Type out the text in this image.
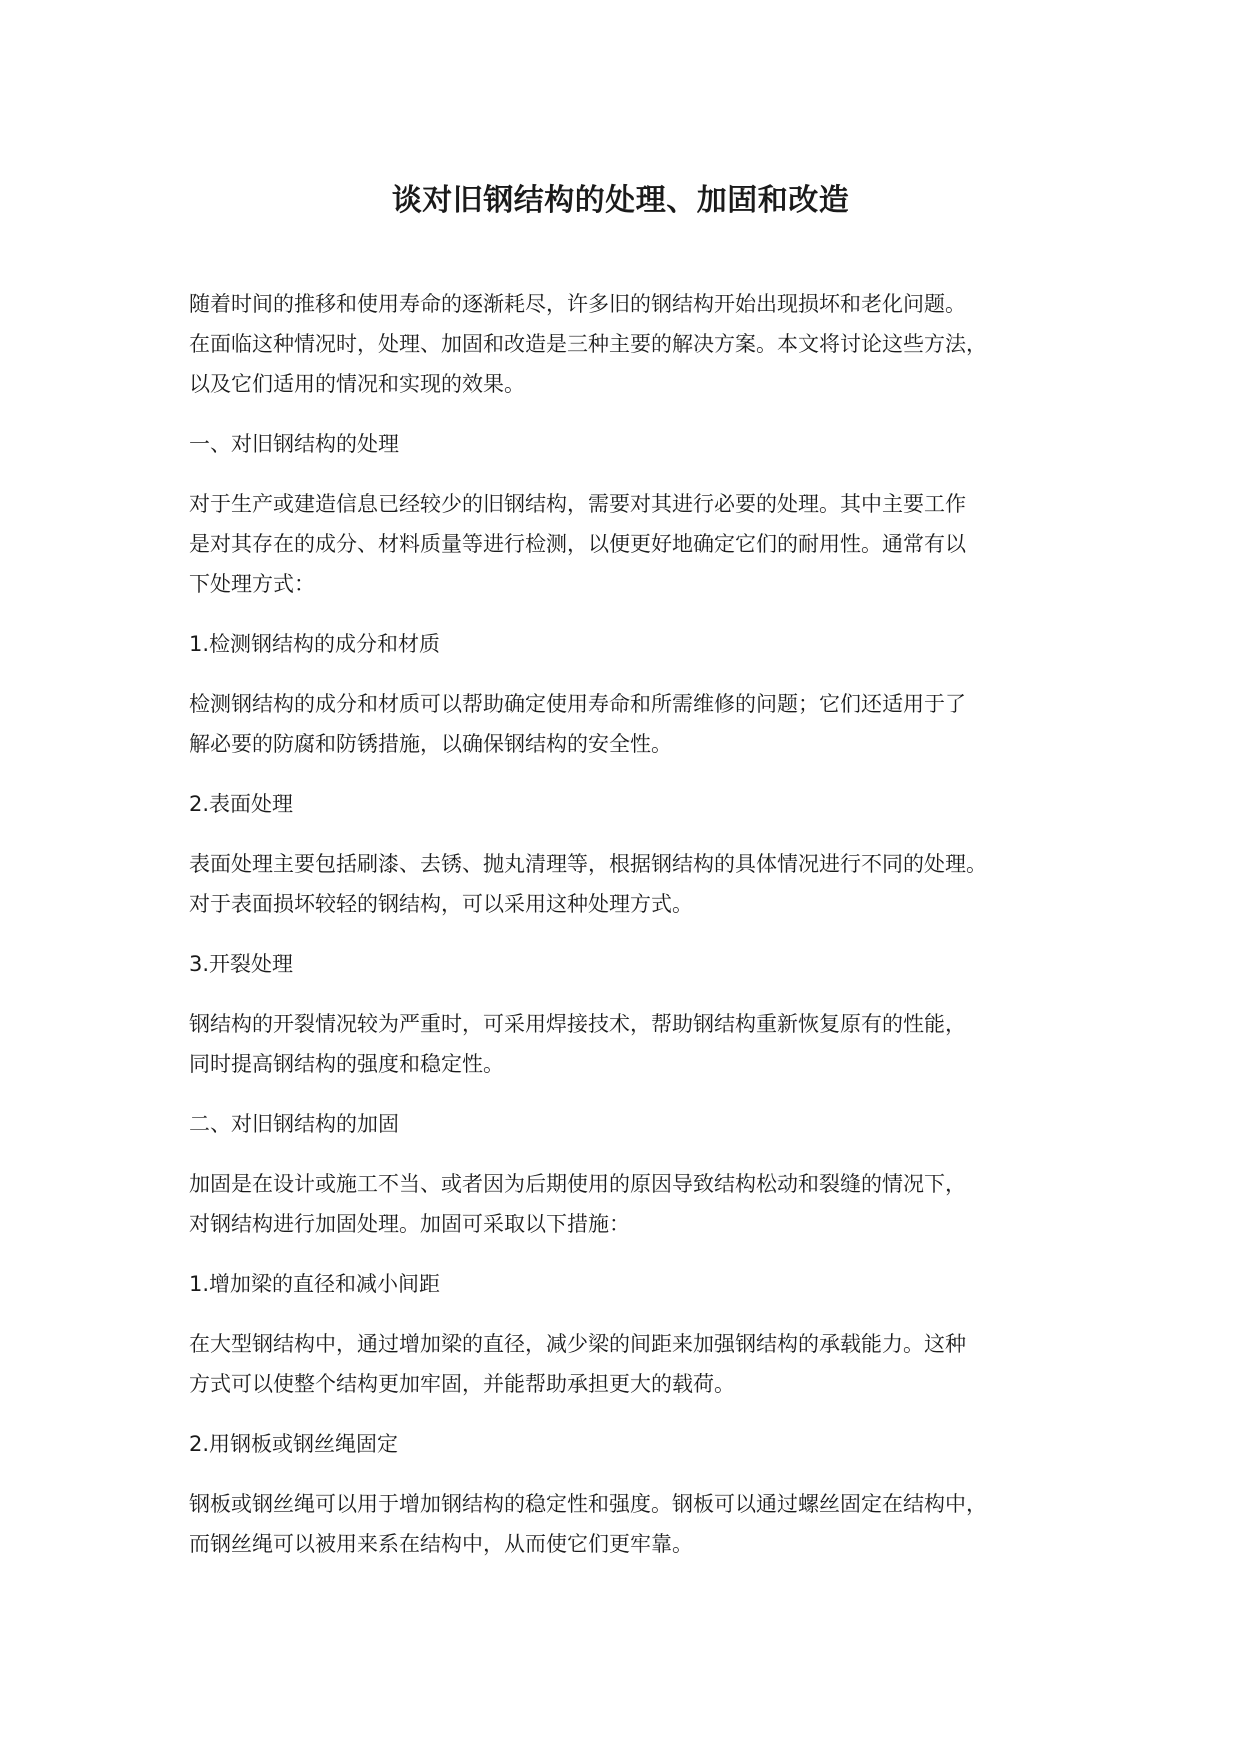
谈对旧钢结构的处理、加固和改造
随着时间的推移和使用寿命的逐渐耗尽，许多旧的钢结构开始出现损坏和老化问题。
在面临这种情况时，处理、加固和改造是三种主要的解决方案。本文将讨论这些方法，
以及它们适用的情况和实现的效果。
一、对旧钢结构的处理
对于生产或建造信息已经较少的旧钢结构，需要对其进行必要的处理。其中主要工作
是对其存在的成分、材料质量等进行检测，以便更好地确定它们的耐用性。通常有以
下处理方式：
1.检测钢结构的成分和材质
检测钢结构的成分和材质可以帮助确定使用寿命和所需维修的问题；它们还适用于了
解必要的防腐和防锈措施，以确保钢结构的安全性。
2.表面处理
表面处理主要包括刷漆、去锈、抛丸清理等，根据钢结构的具体情况进行不同的处理。
对于表面损坏较轻的钢结构，可以采用这种处理方式。
3.开裂处理
钢结构的开裂情况较为严重时，可采用焊接技术，帮助钢结构重新恢复原有的性能，
同时提高钢结构的强度和稳定性。
二、对旧钢结构的加固
加固是在设计或施工不当、或者因为后期使用的原因导致结构松动和裂缝的情况下，
对钢结构进行加固处理。加固可采取以下措施：
1.增加梁的直径和减小间距
在大型钢结构中，通过增加梁的直径，减少梁的间距来加强钢结构的承载能力。这种
方式可以使整个结构更加牢固，并能帮助承担更大的载荷。
2.用钢板或钢丝绳固定
钢板或钢丝绳可以用于增加钢结构的稳定性和强度。钢板可以通过螺丝固定在结构中，
而钢丝绳可以被用来系在结构中，从而使它们更牢靠。
